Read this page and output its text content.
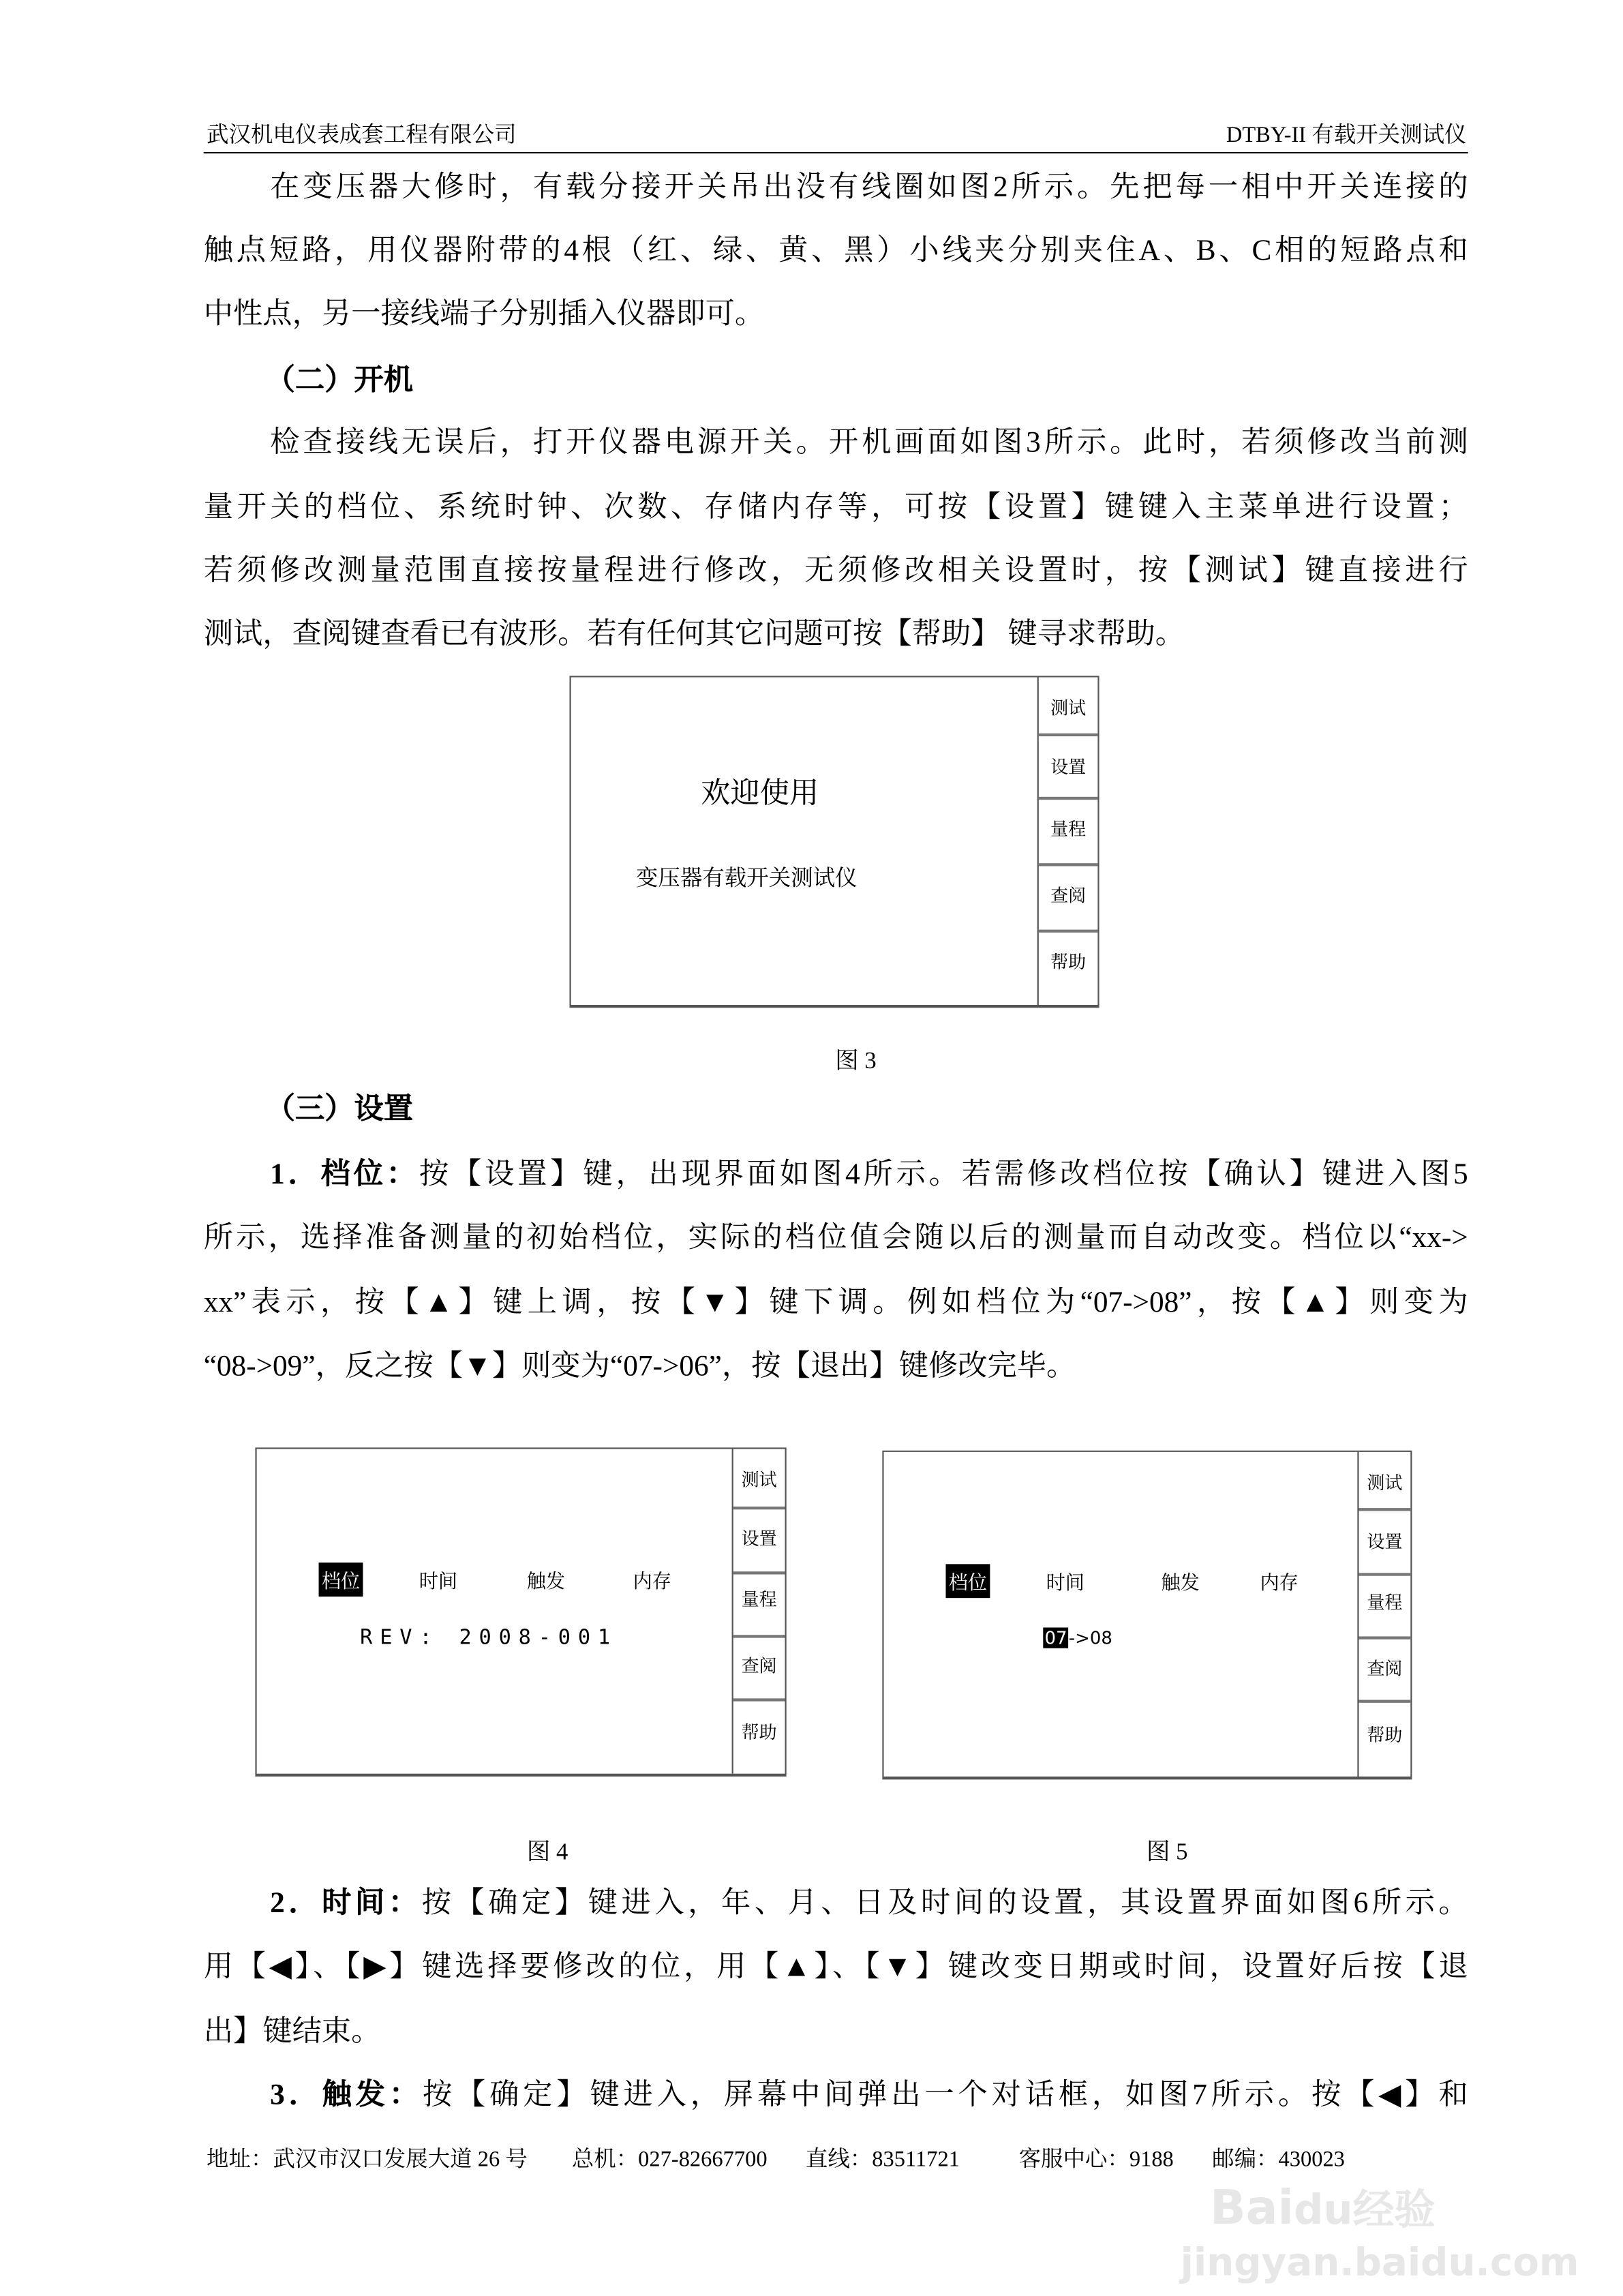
武汉机电仪表成套工程有限公司	DTBY-II 有载开关测试仪
在变压器大修时，有载分接开关吊出没有线圈如图2所示。先把每一相中开关连接的
触点短路，用仪器附带的4根（红、绿、黄、黑）小线夹分别夹住A、B、C相的短路点和
中性点，另一接线端子分别插入仪器即可。
（二）开机
检查接线无误后，打开仪器电源开关。开机画面如图3所示。此时，若须修改当前测
量开关的档位、系统时钟、次数、存储内存等，可按【设置】键键入主菜单进行设置；
若须修改测量范围直接按量程进行修改，无须修改相关设置时，按【测试】键直接进行
测试，查阅键查看已有波形。若有任何其它问题可按【帮助】 键寻求帮助。
欢迎使用
变压器有载开关测试仪
测试
设置
量程
查阅
帮助
图 3
（三）设置
1．档位：按【设置】键，出现界面如图4所示。若需修改档位按【确认】键进入图5
所示，选择准备测量的初始档位，实际的档位值会随以后的测量而自动改变。档位以“xx->
xx”表示，按【▲】键上调，按【▼】键下调。例如档位为“07->08”，按【▲】则变为
“08->09”，反之按【▼】则变为“07->06”，按【退出】键修改完毕。
档位	时间	触发	内存
REV: 2008-001
测试
设置
量程
查阅
帮助
图 4
档位	时间	触发	内存
07 ->08
测试
设置
量程
查阅
帮助
图 5
2．时间：按【确定】键进入，年、月、日及时间的设置，其设置界面如图6所示。
用【◀】、【▶】键选择要修改的位，用【▲】、【▼】键改变日期或时间，设置好后按【退
出】键结束。
3．触发：按【确定】键进入，屏幕中间弹出一个对话框，如图7所示。按【◀】和
地址：武汉市汉口发展大道 26 号	总机：027-82667700	直线：83511721	客服中心：9188	邮编：430023
Baidu经验
jingyan.baidu.com
